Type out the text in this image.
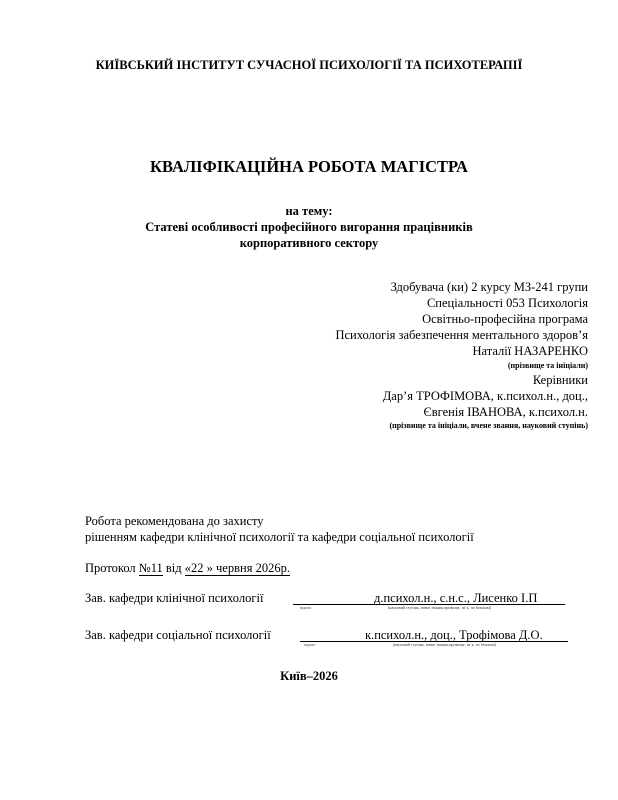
КИЇВСЬКИЙ ІНСТИТУТ СУЧАСНОЇ ПСИХОЛОГІЇ ТА ПСИХОТЕРАПІЇ
КВАЛІФІКАЦІЙНА РОБОТА МАГІСТРА
на тему:
Статеві особливості професійного вигорання працівників
корпоративного сектору
Здобувача (ки) 2 курсу МЗ-241 групи
Спеціальності 053 Психологія
Освітньо-професійна програма
Психологія забезпечення ментального здоров’я
Наталії НАЗАРЕНКО
(прізвище та ініціали)
Керівники
Дар’я ТРОФІМОВА, к.психол.н., доц.,
Євгенія ІВАНОВА, к.психол.н.
(прізвище та ініціали, вчене звання, науковий ступінь)
Робота рекомендована до захисту
рішенням кафедри клінічної психології та кафедри соціальної психології
Протокол №11 від «22 » червня 2026р.
Зав. кафедри клінічної психології	д.психол.н., с.н.с., Лисенко І.П
підпис	(науковий ступінь, вчене звання,прізвище, ім’я, по батькові)
Зав. кафедри соціальної психології	к.психол.н., доц., Трофімова Д.О.
підпис	(науковий ступінь, вчене звання,прізвище, ім’я, по батькові)
Київ–2026
